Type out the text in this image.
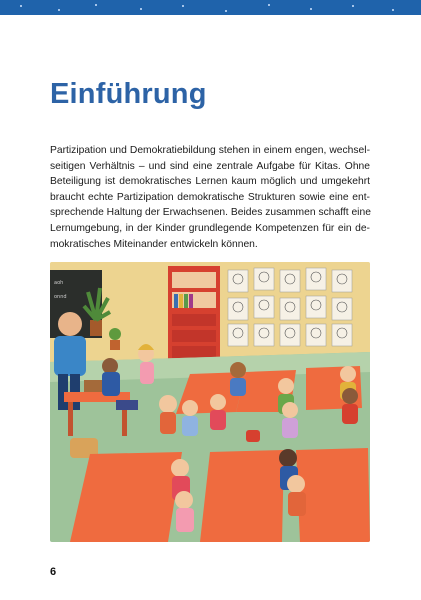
Einführung
Partizipation und Demokratiebildung stehen in einem engen, wechsel-
seitigen Verhältnis – und sind eine zentrale Aufgabe für Kitas. Ohne
Beteiligung ist demokratisches Lernen kaum möglich und umgekehrt
braucht echte Partizipation demokratische Strukturen sowie eine ent-
sprechende Haltung der Erwachsenen. Beides zusammen schafft eine
Lernumgebung, in der Kinder grundlegende Kompetenzen für ein de-
mokratisches Miteinander entwickeln können.
aoh
onnd
6
